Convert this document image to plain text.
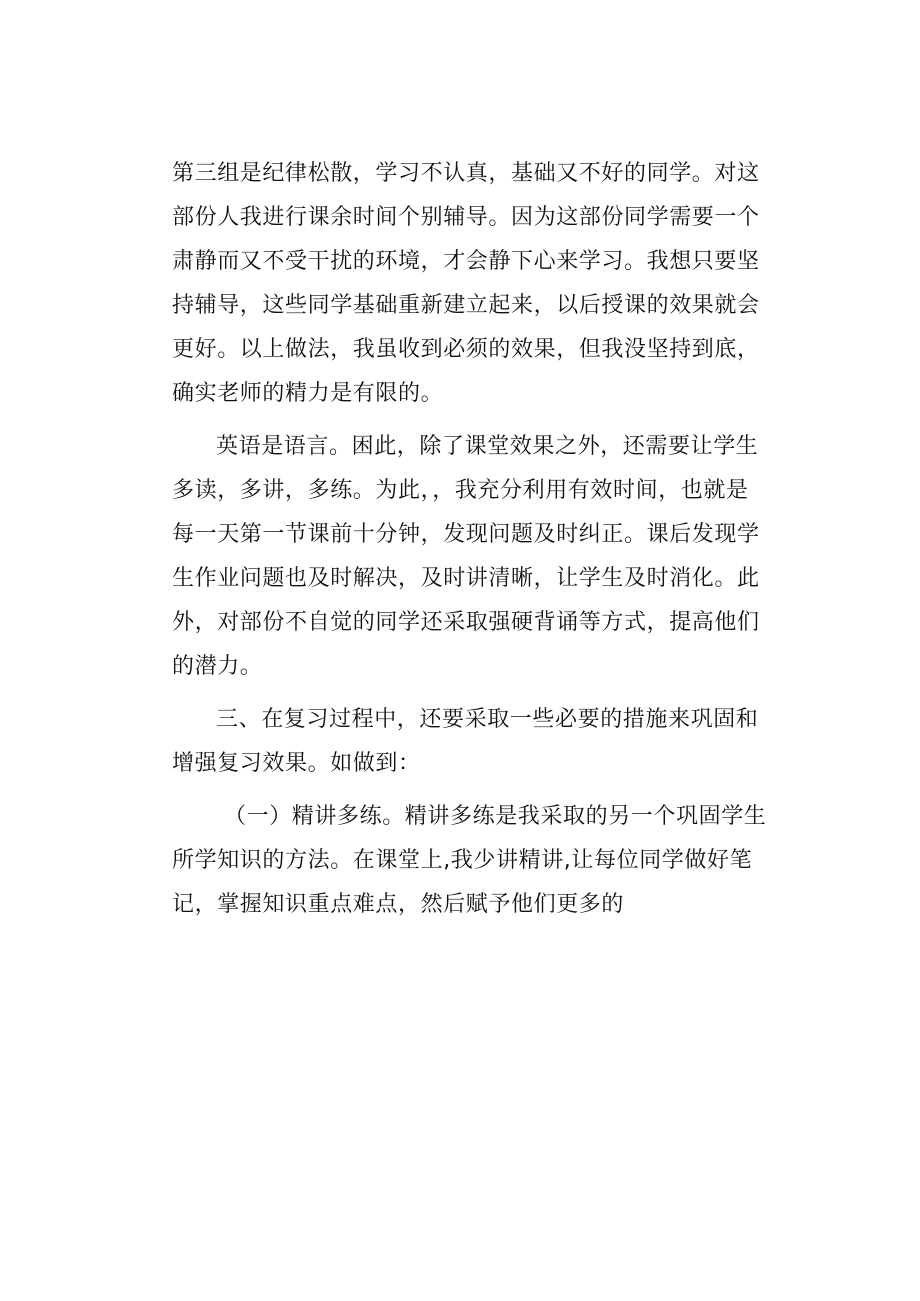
第三组是纪律松散，学习不认真，基础又不好的同学。对这
部份人我进行课余时间个别辅导。因为这部份同学需要一个
肃静而又不受干扰的环境，才会静下心来学习。我想只要坚
持辅导，这些同学基础重新建立起来，以后授课的效果就会
更好。以上做法，我虽收到必须的效果，但我没坚持到底，
确实老师的精力是有限的。
英语是语言。困此，除了课堂效果之外，还需要让学生
多读，多讲，多练。为此，，我充分利用有效时间，也就是
每一天第一节课前十分钟，发现问题及时纠正。课后发现学
生作业问题也及时解决，及时讲清晰，让学生及时消化。此
外，对部份不自觉的同学还采取强硬背诵等方式，提高他们
的潜力。
三、在复习过程中，还要采取一些必要的措施来巩固和
增强复习效果。如做到：
（一）精讲多练。精讲多练是我采取的另一个巩固学生
所学知识的方法。在课堂上,我少讲精讲,让每位同学做好笔
记，掌握知识重点难点，然后赋予他们更多的
